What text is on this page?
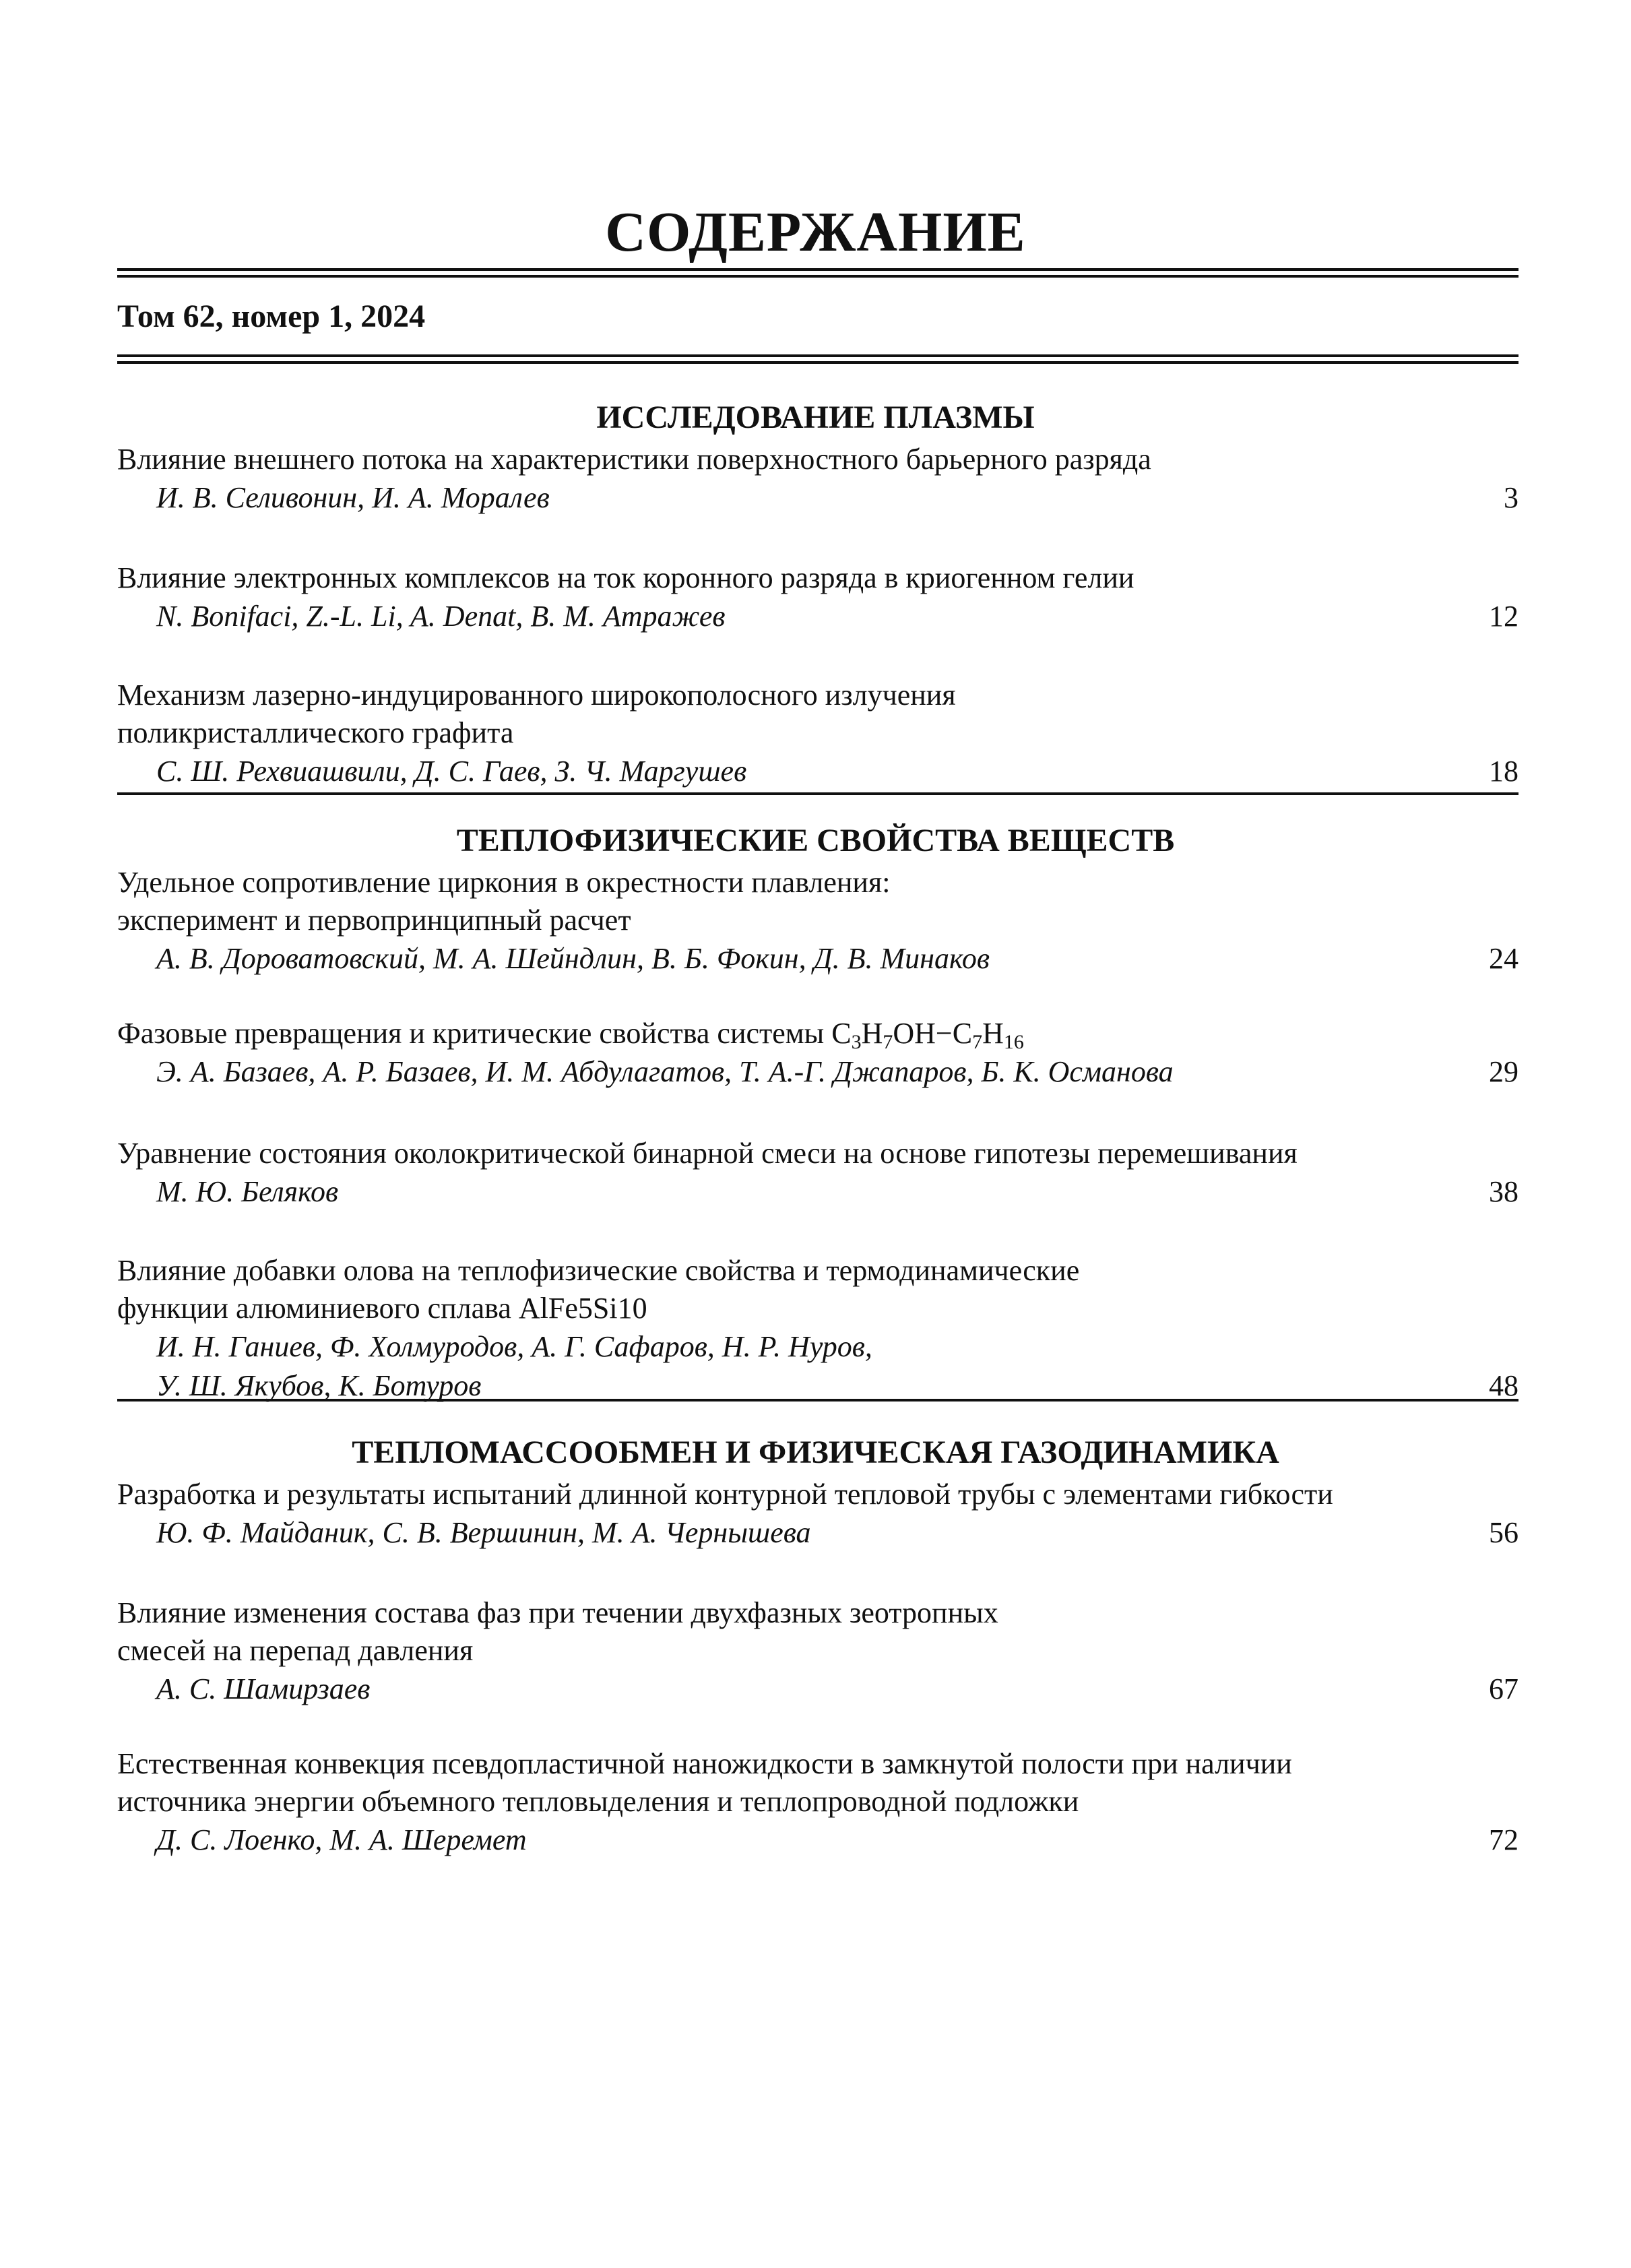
СОДЕРЖАНИЕ
Том 62, номер 1, 2024
ИССЛЕДОВАНИЕ ПЛАЗМЫ
Влияние внешнего потока на характеристики поверхностного барьерного разряда
И. В. Селивонин, И. А. Моралев	3
Влияние электронных комплексов на ток коронного разряда в криогенном гелии
N. Bonifaci, Z.-L. Li, A. Denat, В. М. Атражев	12
Механизм лазерно-индуцированного широкополосного излучения
поликристаллического графита
С. Ш. Рехвиашвили, Д. С. Гаев, З. Ч. Маргушев	18
ТЕПЛОФИЗИЧЕСКИЕ СВОЙСТВА ВЕЩЕСТВ
Удельное сопротивление циркония в окрестности плавления:
эксперимент и первопринципный расчет
А. В. Дороватовский, М. А. Шейндлин, В. Б. Фокин, Д. В. Минаков	24
Фазовые превращения и критические свойства системы $C_3H_7OH-C_7H_{16}$
Э. А. Базаев, А. Р. Базаев, И. М. Абдулагатов, Т. А.-Г. Джапаров, Б. К. Османова	29
Уравнение состояния околокритической бинарной смеси на основе гипотезы перемешивания
М. Ю. Беляков	38
Влияние добавки олова на теплофизические свойства и термодинамические
функции алюминиевого сплава AlFe5Si10
И. Н. Ганиев, Ф. Холмуродов, А. Г. Сафаров, Н. Р. Нуров,
У. Ш. Якубов, К. Ботуров	48
ТЕПЛОМАССООБМЕН И ФИЗИЧЕСКАЯ ГАЗОДИНАМИКА
Разработка и результаты испытаний длинной контурной тепловой трубы с элементами гибкости
Ю. Ф. Майданик, С. В. Вершинин, М. А. Чернышева	56
Влияние изменения состава фаз при течении двухфазных зеотропных
смесей на перепад давления
А. С. Шамирзаев	67
Естественная конвекция псевдопластичной наножидкости в замкнутой полости при наличии
источника энергии объемного тепловыделения и теплопроводной подложки
Д. С. Лоенко, М. А. Шеремет	72
